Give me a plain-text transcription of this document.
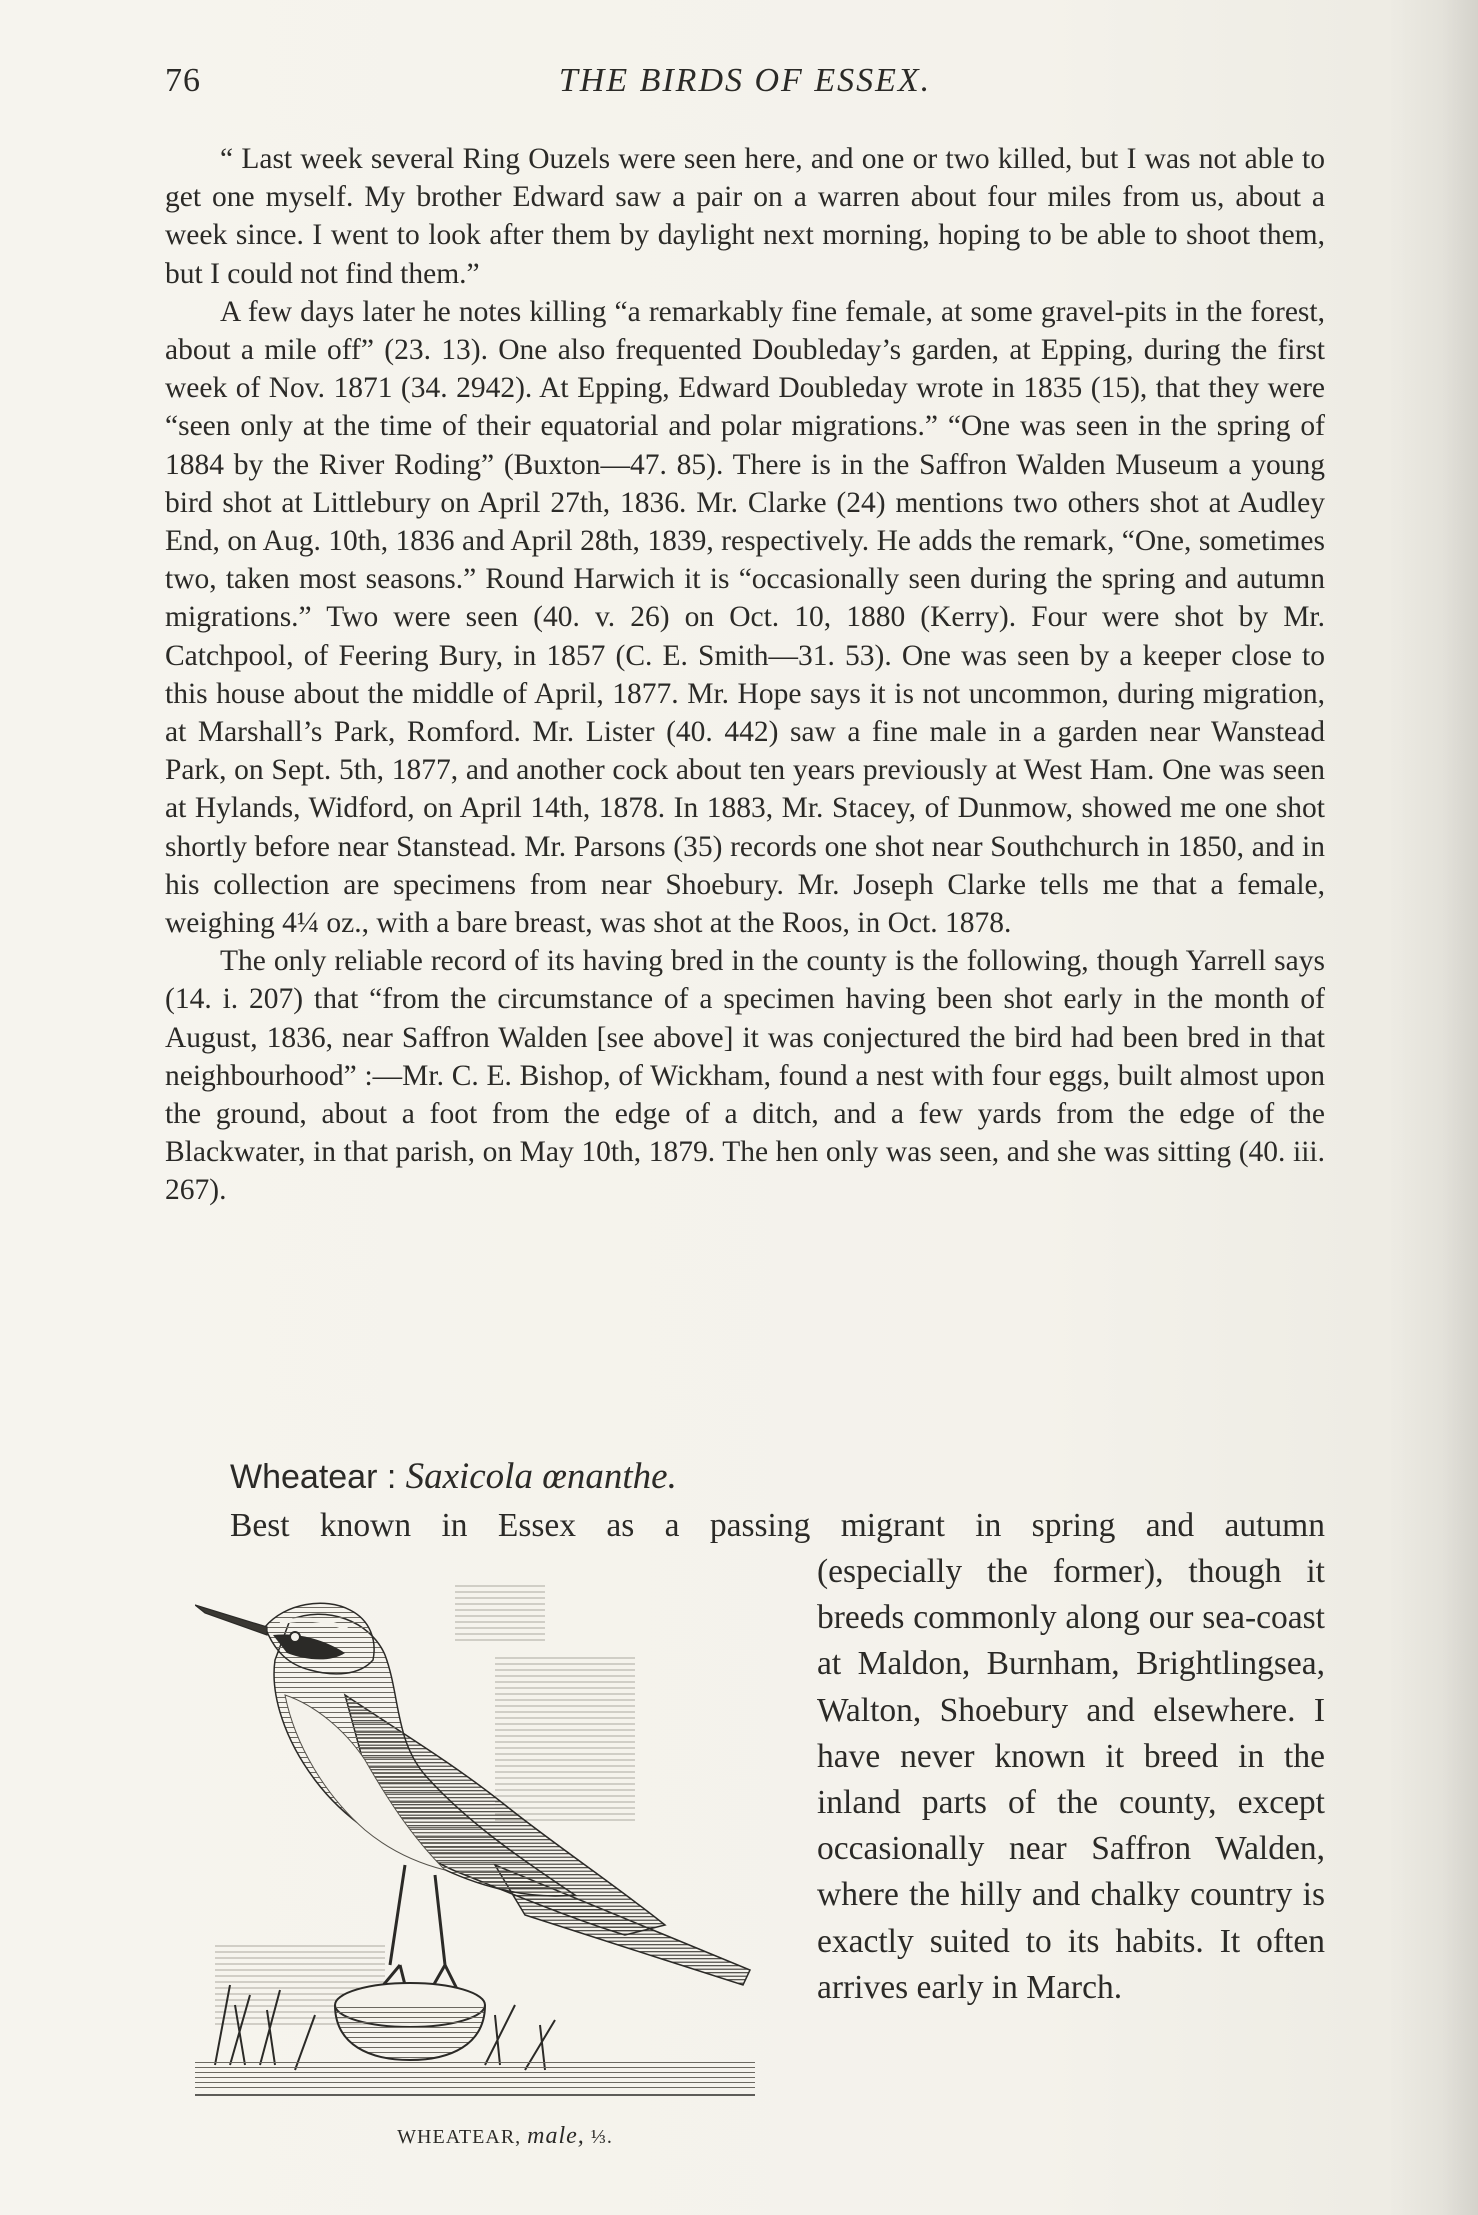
76	THE BIRDS OF ESSEX.

“ Last week several Ring Ouzels were seen here, and one or two killed, but I was not able to get one myself. My brother Edward saw a pair on a warren about four miles from us, about a week since. I went to look after them by daylight next morning, hoping to be able to shoot them, but I could not find them.”

A few days later he notes killing “a remarkably fine female, at some gravel-pits in the forest, about a mile off” (23. 13). One also frequented Doubleday’s garden, at Epping, during the first week of Nov. 1871 (34. 2942). At Epping, Edward Doubleday wrote in 1835 (15), that they were “seen only at the time of their equatorial and polar migrations.” “One was seen in the spring of 1884 by the River Roding” (Buxton—47. 85). There is in the Saffron Walden Museum a young bird shot at Littlebury on April 27th, 1836. Mr. Clarke (24) mentions two others shot at Audley End, on Aug. 10th, 1836 and April 28th, 1839, respectively. He adds the remark, “One, sometimes two, taken most seasons.” Round Harwich it is “occasionally seen during the spring and autumn migrations.” Two were seen (40. v. 26) on Oct. 10, 1880 (Kerry). Four were shot by Mr. Catchpool, of Feering Bury, in 1857 (C. E. Smith—31. 53). One was seen by a keeper close to this house about the middle of April, 1877. Mr. Hope says it is not uncommon, during migration, at Marshall’s Park, Romford. Mr. Lister (40. 442) saw a fine male in a garden near Wanstead Park, on Sept. 5th, 1877, and another cock about ten years previously at West Ham. One was seen at Hylands, Widford, on April 14th, 1878. In 1883, Mr. Stacey, of Dunmow, showed me one shot shortly before near Stanstead. Mr. Parsons (35) records one shot near Southchurch in 1850, and in his collection are specimens from near Shoebury. Mr. Joseph Clarke tells me that a female, weighing 4¼ oz., with a bare breast, was shot at the Roos, in Oct. 1878.

The only reliable record of its having bred in the county is the following, though Yarrell says (14. i. 207) that “from the circumstance of a specimen having been shot early in the month of August, 1836, near Saffron Walden [see above] it was conjectured the bird had been bred in that neighbourhood” :—Mr. C. E. Bishop, of Wickham, found a nest with four eggs, built almost upon the ground, about a foot from the edge of a ditch, and a few yards from the edge of the Blackwater, in that parish, on May 10th, 1879. The hen only was seen, and she was sitting (40. iii. 267).

Wheatear : Saxicola œnanthe.
Best known in Essex as a passing migrant in spring and autumn
(especially the former), though it breeds commonly along our sea-coast at Maldon, Burnham, Brightlingsea, Walton, Shoebury and elsewhere. I have never known it breed in the inland parts of the county, except occasionally near Saffron Walden, where the hilly and chalky country is exactly suited to its habits. It often arrives early in March.
WHEATEAR, male, ⅓.
